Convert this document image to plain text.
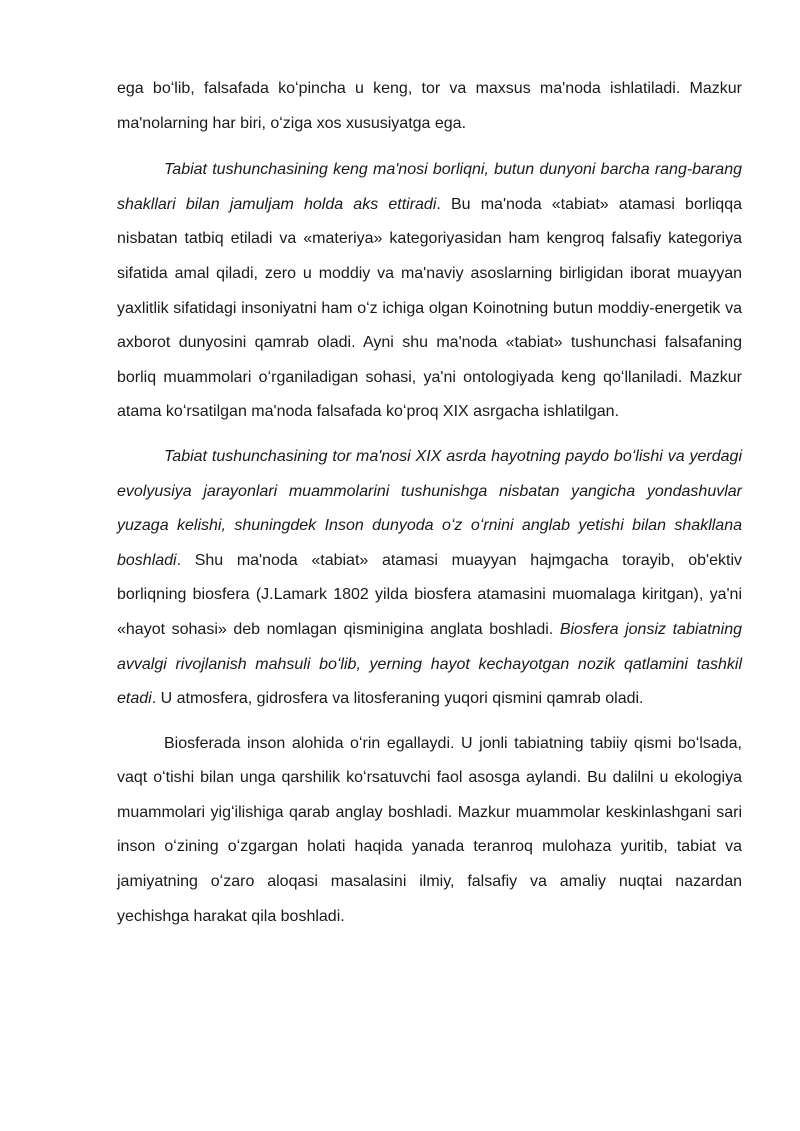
ega boʻlib, falsafada koʻpincha u keng, tor va maxsus ma'noda ishlatiladi. Mazkur ma'nolarning har biri, oʻziga xos xususiyatga ega.

Tabiat tushunchasining keng ma'nosi borliqni, butun dunyoni barcha rang-barang shakllari bilan jamuljam holda aks ettiradi. Bu ma'noda «tabiat» atamasi borliqqa nisbatan tatbiq etiladi va «materiya» kategoriyasidan ham kengroq falsafiy kategoriya sifatida amal qiladi, zero u moddiy va ma'naviy asoslarning birligidan iborat muayyan yaxlitlik sifatidagi insoniyatni ham oʻz ichiga olgan Koinotning butun moddiy-energetik va axborot dunyosini qamrab oladi. Ayni shu ma'noda «tabiat» tushunchasi falsafaning borliq muammolari oʻrganiladigan sohasi, ya'ni ontologiyada keng qoʻllaniladi. Mazkur atama koʻrsatilgan ma'noda falsafada koʻproq XIX asrgacha ishlatilgan.

Tabiat tushunchasining tor ma'nosi XIX asrda hayotning paydo boʻlishi va yerdagi evolyusiya jarayonlari muammolarini tushunishga nisbatan yangicha yondashuvlar yuzaga kelishi, shuningdek Inson dunyoda oʻz oʻrnini anglab yetishi bilan shakllana boshladi. Shu ma'noda «tabiat» atamasi muayyan hajmgacha torayib, ob'ektiv borliqning biosfera (J.Lamark 1802 yilda biosfera atamasini muomalaga kiritgan), ya'ni «hayot sohasi» deb nomlagan qisminigina anglata boshladi. Biosfera jonsiz tabiatning avvalgi rivojlanish mahsuli boʻlib, yerning hayot kechayotgan nozik qatlamini tashkil etadi. U atmosfera, gidrosfera va litosferaning yuqori qismini qamrab oladi.

Biosferada inson alohida oʻrin egallaydi. U jonli tabiatning tabiiy qismi boʻlsada, vaqt oʻtishi bilan unga qarshilik koʻrsatuvchi faol asosga aylandi. Bu dalilni u ekologiya muammolari yigʻilishiga qarab anglay boshladi. Mazkur muammolar keskinlashgani sari inson oʻzining oʻzgargan holati haqida yanada teranroq mulohaza yuritib, tabiat va jamiyatning oʻzaro aloqasi masalasini ilmiy, falsafiy va amaliy nuqtai nazardan yechishga harakat qila boshladi.
